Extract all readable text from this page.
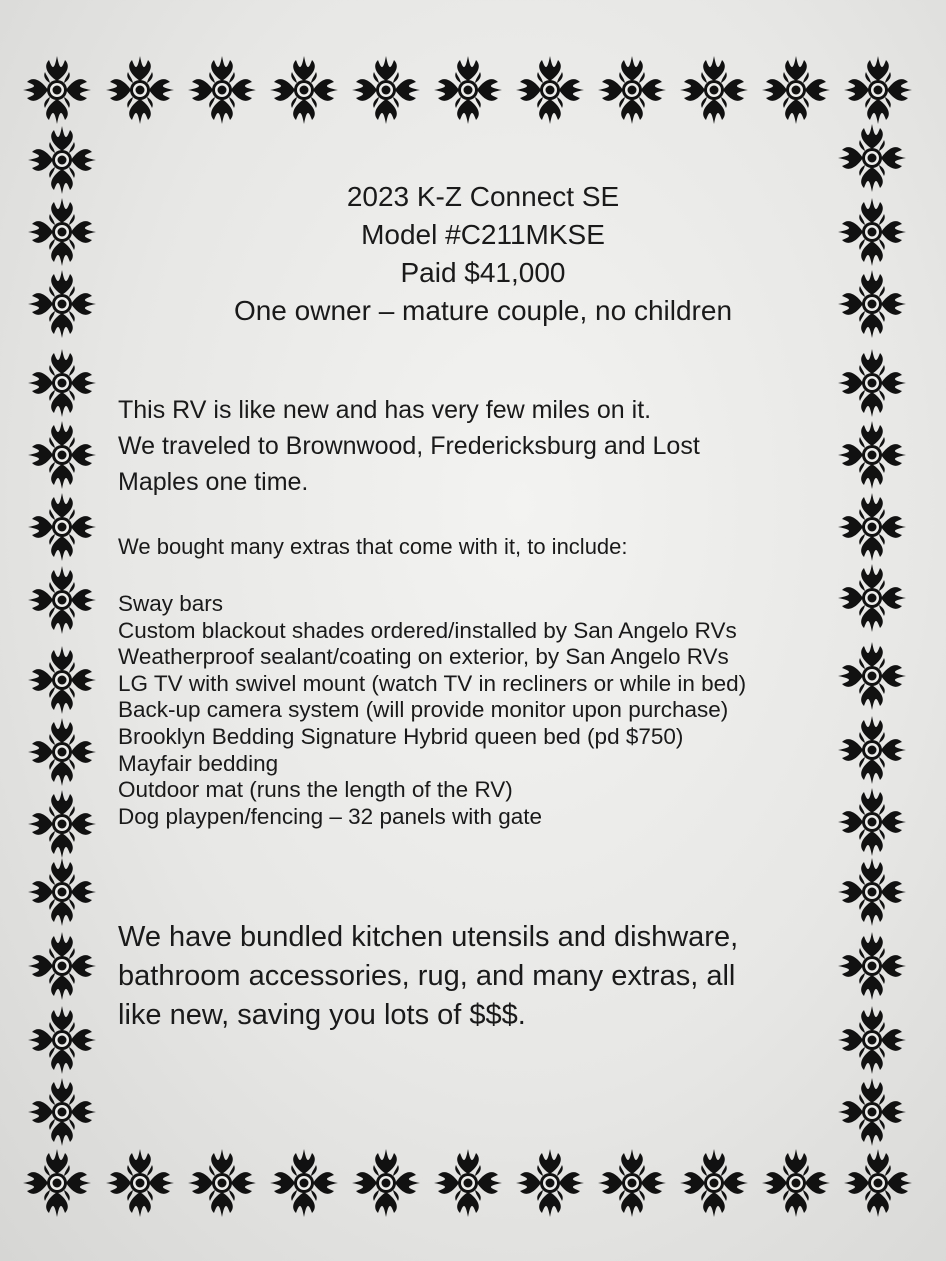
2023 K-Z Connect SE
Model #C211MKSE
Paid $41,000
One owner – mature couple, no children
This RV is like new and has very few miles on it.
We traveled to Brownwood, Fredericksburg and Lost
Maples one time.
We bought many extras that come with it, to include:
Sway bars
Custom blackout shades ordered/installed by San Angelo RVs
Weatherproof sealant/coating on exterior, by San Angelo RVs
LG TV with swivel mount (watch TV in recliners or while in bed)
Back-up camera system (will provide monitor upon purchase)
Brooklyn Bedding Signature Hybrid queen bed (pd $750)
Mayfair bedding
Outdoor mat (runs the length of the RV)
Dog playpen/fencing – 32 panels with gate
We have bundled kitchen utensils and dishware,
bathroom accessories, rug, and many extras, all
like new, saving you lots of $$$.
